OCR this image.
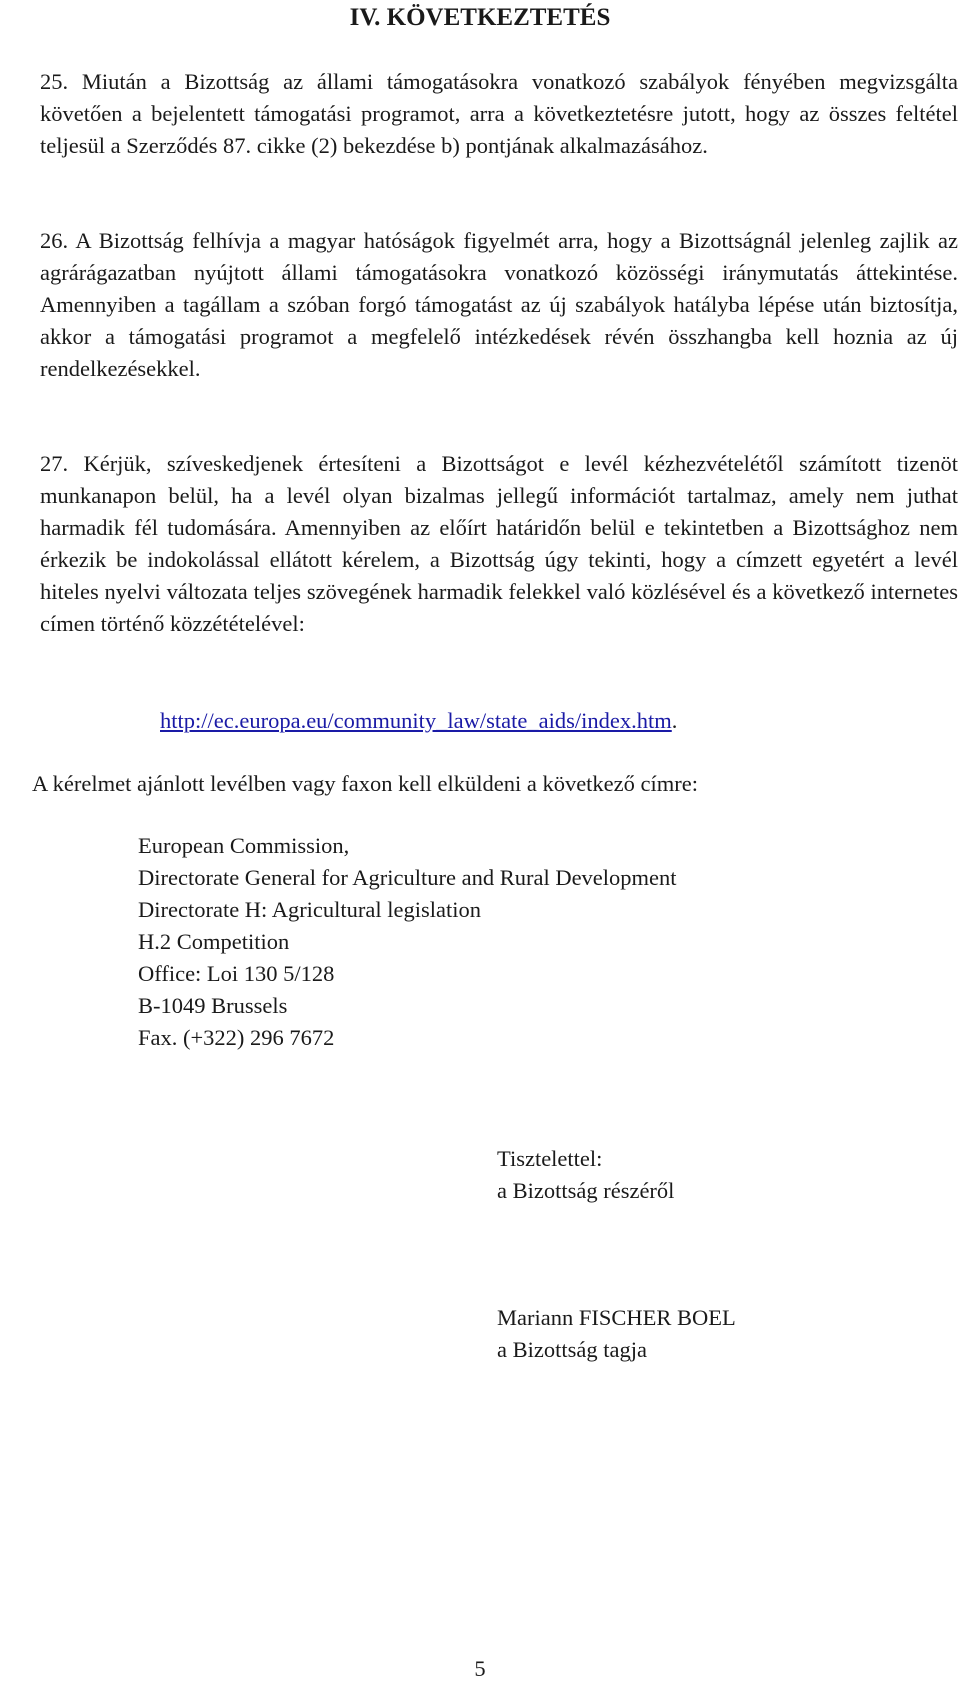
IV. KÖVETKEZTETÉS

25. Miután a Bizottság az állami támogatásokra vonatkozó szabályok fényében megvizsgálta követően a bejelentett támogatási programot, arra a következtetésre jutott, hogy az összes feltétel teljesül a Szerződés 87. cikke (2) bekezdése b) pontjának alkalmazásához.

26. A Bizottság felhívja a magyar hatóságok figyelmét arra, hogy a Bizottságnál jelenleg zajlik az agrárágazatban nyújtott állami támogatásokra vonatkozó közösségi iránymutatás áttekintése. Amennyiben a tagállam a szóban forgó támogatást az új szabályok hatályba lépése után biztosítja, akkor a támogatási programot a megfelelő intézkedések révén összhangba kell hoznia az új rendelkezésekkel.

27. Kérjük, szíveskedjenek értesíteni a Bizottságot e levél kézhezvételétől számított tizenöt munkanapon belül, ha a levél olyan bizalmas jellegű információt tartalmaz, amely nem juthat harmadik fél tudomására. Amennyiben az előírt határidőn belül e tekintetben a Bizottsághoz nem érkezik be indokolással ellátott kérelem, a Bizottság úgy tekinti, hogy a címzett egyetért a levél hiteles nyelvi változata teljes szövegének harmadik felekkel való közlésével és a következő internetes címen történő közzétételével:

http://ec.europa.eu/community_law/state_aids/index.htm.

A kérelmet ajánlott levélben vagy faxon kell elküldeni a következő címre:

European Commission,
Directorate General for Agriculture and Rural Development
Directorate H: Agricultural legislation
H.2 Competition
Office: Loi 130 5/128
B-1049 Brussels
Fax. (+322) 296 7672
Tisztelettel:
a Bizottság részéről
Mariann FISCHER BOEL
a Bizottság tagja
5
